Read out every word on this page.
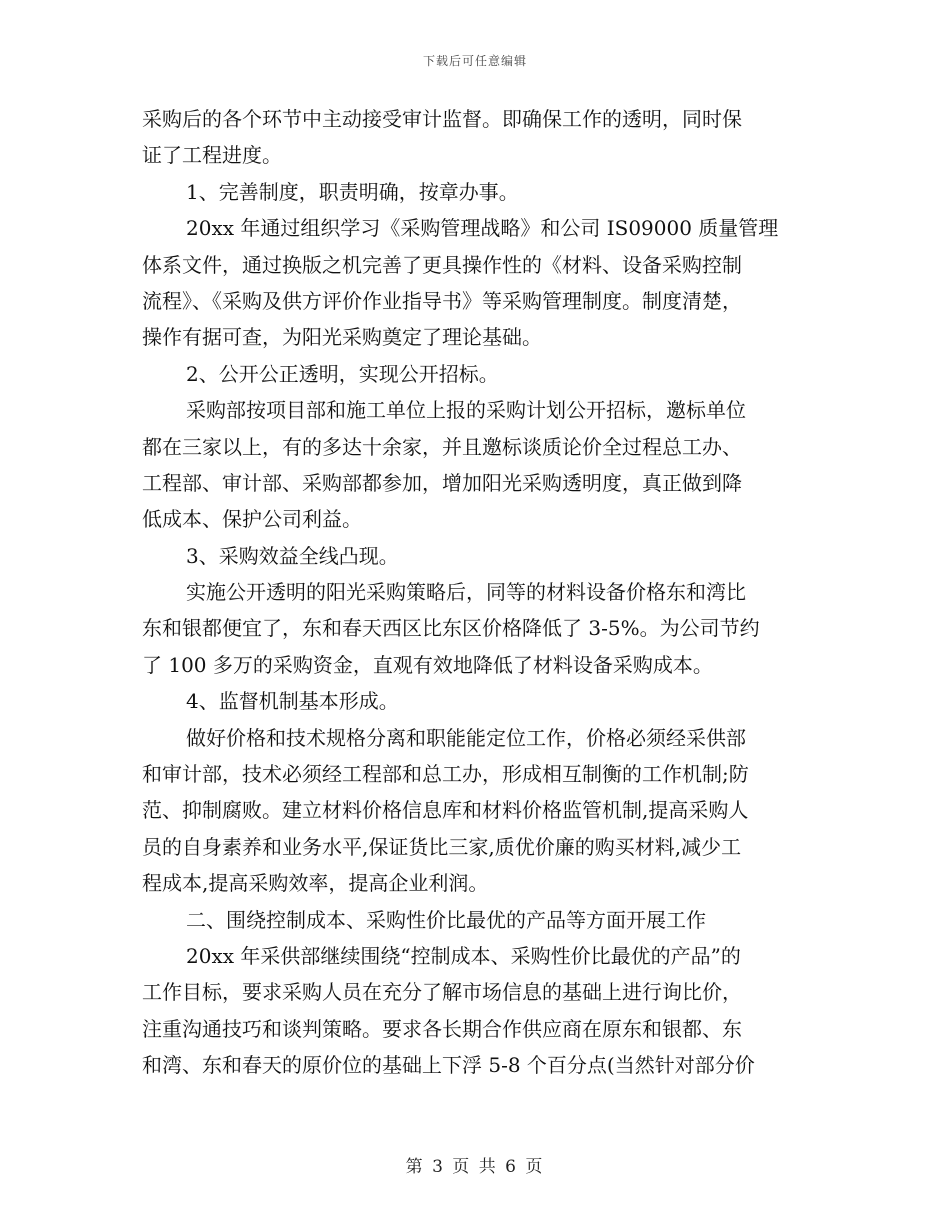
下载后可任意编辑
采购后的各个环节中主动接受审计监督。即确保工作的透明，同时保
证了工程进度。
1、完善制度，职责明确，按章办事。
20xx 年通过组织学习《采购管理战略》和公司 IS09000 质量管理
体系文件，通过换版之机完善了更具操作性的《材料、设备采购控制
流程》、《采购及供方评价作业指导书》等采购管理制度。制度清楚，
操作有据可查，为阳光采购奠定了理论基础。
2、公开公正透明，实现公开招标。
采购部按项目部和施工单位上报的采购计划公开招标，邀标单位
都在三家以上，有的多达十余家，并且邀标谈质论价全过程总工办、
工程部、审计部、采购部都参加，增加阳光采购透明度，真正做到降
低成本、保护公司利益。
3、采购效益全线凸现。
实施公开透明的阳光采购策略后，同等的材料设备价格东和湾比
东和银都便宜了，东和春天西区比东区价格降低了 3-5%。为公司节约
了 100 多万的采购资金，直观有效地降低了材料设备采购成本。
4、监督机制基本形成。
做好价格和技术规格分离和职能能定位工作，价格必须经采供部
和审计部，技术必须经工程部和总工办，形成相互制衡的工作机制;防
范、抑制腐败。建立材料价格信息库和材料价格监管机制,提高采购人
员的自身素养和业务水平,保证货比三家,质优价廉的购买材料,减少工
程成本,提高采购效率，提高企业利润。
二、围绕控制成本、采购性价比最优的产品等方面开展工作
20xx 年采供部继续围绕“控制成本、采购性价比最优的产品”的
工作目标，要求采购人员在充分了解市场信息的基础上进行询比价，
注重沟通技巧和谈判策略。要求各长期合作供应商在原东和银都、东
和湾、东和春天的原价位的基础上下浮 5-8 个百分点(当然针对部分价
第 3 页 共 6 页
